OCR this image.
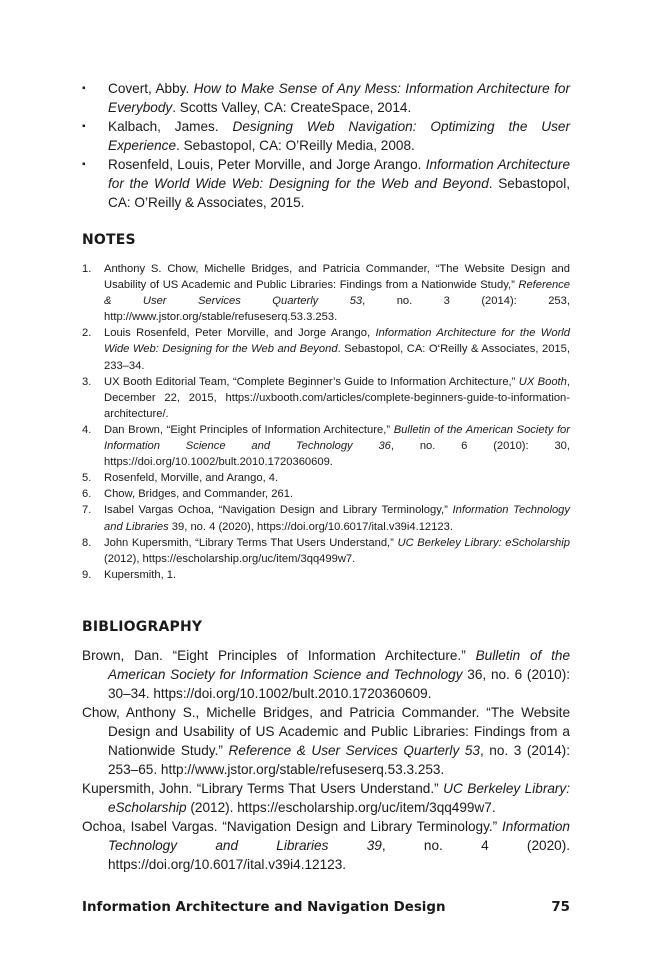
▪ Covert, Abby. How to Make Sense of Any Mess: Information Architecture for Everybody. Scotts Valley, CA: CreateSpace, 2014.
▪ Kalbach, James. Designing Web Navigation: Optimizing the User Experience. Sebastopol, CA: O’Reilly Media, 2008.
▪ Rosenfeld, Louis, Peter Morville, and Jorge Arango. Information Architecture for the World Wide Web: Designing for the Web and Beyond. Sebastopol, CA: O’Reilly & Associates, 2015.
NOTES
1. Anthony S. Chow, Michelle Bridges, and Patricia Commander, “The Website Design and Usability of US Academic and Public Libraries: Findings from a Nationwide Study,” Reference & User Services Quarterly 53, no. 3 (2014): 253, http://www.jstor.org/stable/refuseserq.53.3.253.
2. Louis Rosenfeld, Peter Morville, and Jorge Arango, Information Architecture for the World Wide Web: Designing for the Web and Beyond. Sebastopol, CA: O‘Reilly & Associates, 2015, 233–34.
3. UX Booth Editorial Team, “Complete Beginner’s Guide to Information Architecture,” UX Booth, December 22, 2015, https://uxbooth.com/articles/complete-beginners-guide-to-information-architecture/.
4. Dan Brown, “Eight Principles of Information Architecture,” Bulletin of the American Society for Information Science and Technology 36, no. 6 (2010): 30, https://doi.org/10.1002/bult.2010.1720360609.
5. Rosenfeld, Morville, and Arango, 4.
6. Chow, Bridges, and Commander, 261.
7. Isabel Vargas Ochoa, “Navigation Design and Library Terminology,” Information Technology and Libraries 39, no. 4 (2020), https://doi.org/10.6017/ital.v39i4.12123.
8. John Kupersmith, “Library Terms That Users Understand,” UC Berkeley Library: eScholarship (2012), https://escholarship.org/uc/item/3qq499w7.
9. Kupersmith, 1.
BIBLIOGRAPHY
Brown, Dan. “Eight Principles of Information Architecture.” Bulletin of the American Society for Information Science and Technology 36, no. 6 (2010): 30–34. https://doi.org/10.1002/bult.2010.1720360609.
Chow, Anthony S., Michelle Bridges, and Patricia Commander. “The Website Design and Usability of US Academic and Public Libraries: Findings from a Nationwide Study.” Reference & User Services Quarterly 53, no. 3 (2014): 253–65. http://www.jstor.org/stable/refuseserq.53.3.253.
Kupersmith, John. “Library Terms That Users Understand.” UC Berkeley Library: eScholarship (2012). https://escholarship.org/uc/item/3qq499w7.
Ochoa, Isabel Vargas. “Navigation Design and Library Terminology.” Information Technology and Libraries 39, no. 4 (2020). https://doi.org/10.6017/ital.v39i4.12123.
Information Architecture and Navigation Design	75
